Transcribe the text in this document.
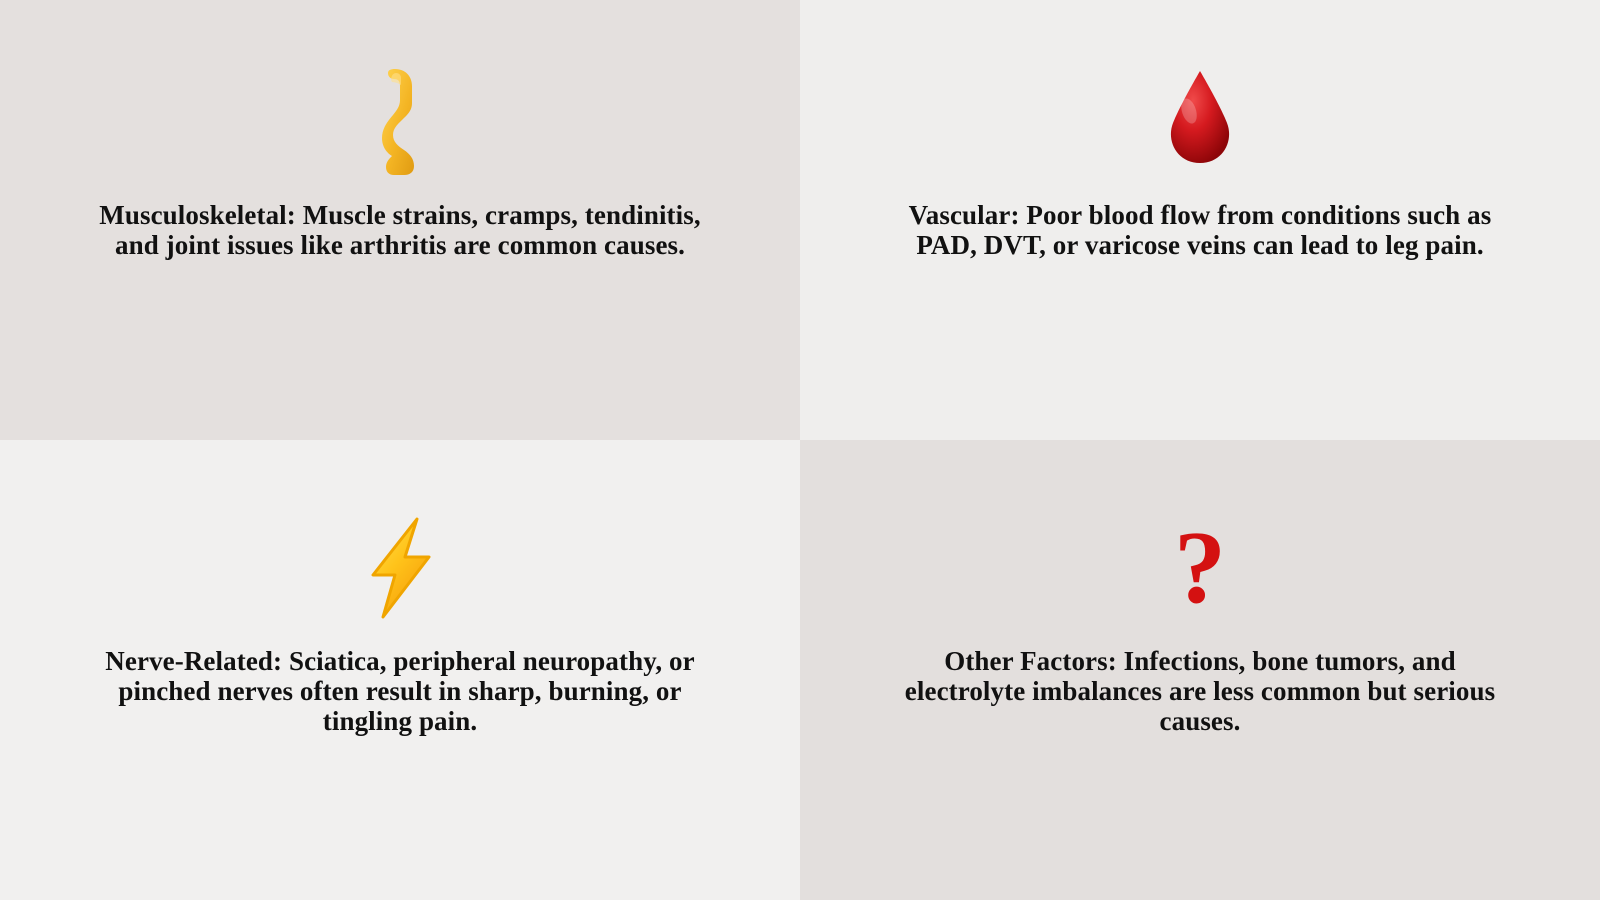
Musculoskeletal: Muscle strains, cramps, tendinitis, and joint issues like arthritis are common causes.
Vascular: Poor blood flow from conditions such as PAD, DVT, or varicose veins can lead to leg pain.
Nerve-Related: Sciatica, peripheral neuropathy, or pinched nerves often result in sharp, burning, or tingling pain.
?
Other Factors: Infections, bone tumors, and electrolyte imbalances are less common but serious causes.
